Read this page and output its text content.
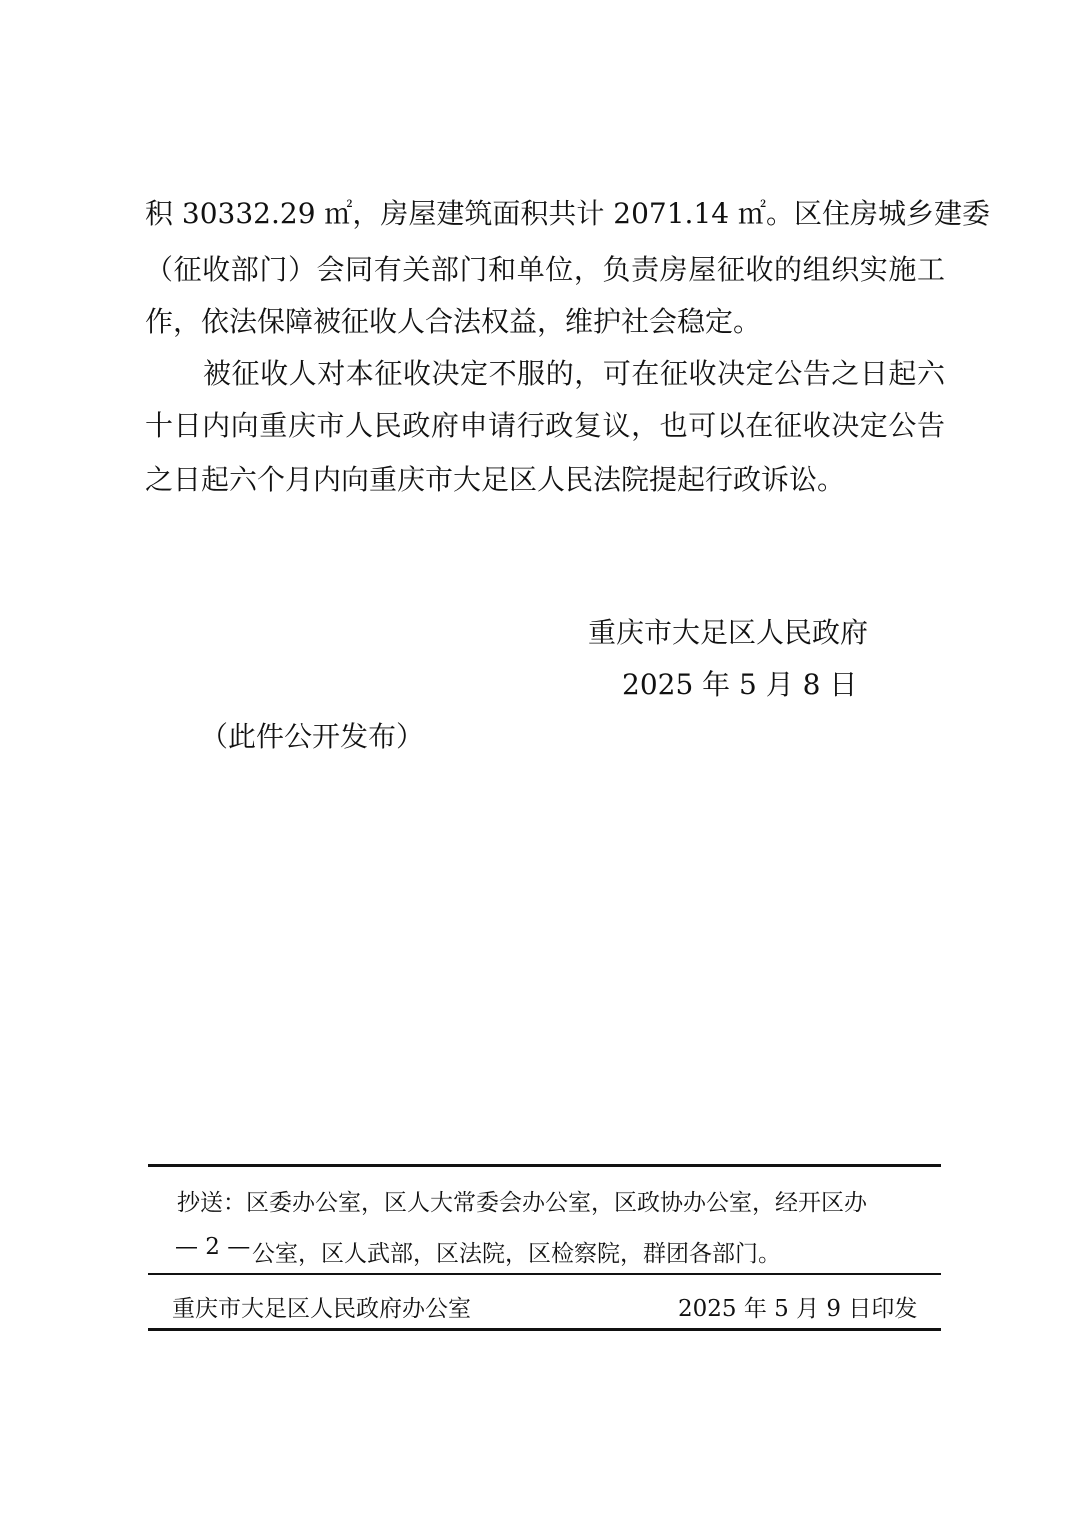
积 30332.29 ㎡，房屋建筑面积共计 2071.14 ㎡。区住房城乡建委
（征收部门）会同有关部门和单位，负责房屋征收的组织实施工
作，依法保障被征收人合法权益，维护社会稳定。
被征收人对本征收决定不服的，可在征收决定公告之日起六
十日内向重庆市人民政府申请行政复议，也可以在征收决定公告
之日起六个月内向重庆市大足区人民法院提起行政诉讼。
重庆市大足区人民政府
2025 年 5 月 8 日
（此件公开发布）
抄送：区委办公室，区人大常委会办公室，区政协办公室，经开区办
公室，区人武部，区法院，区检察院，群团各部门。
重庆市大足区人民政府办公室	2025 年 5 月 9 日印发
— 2 —
